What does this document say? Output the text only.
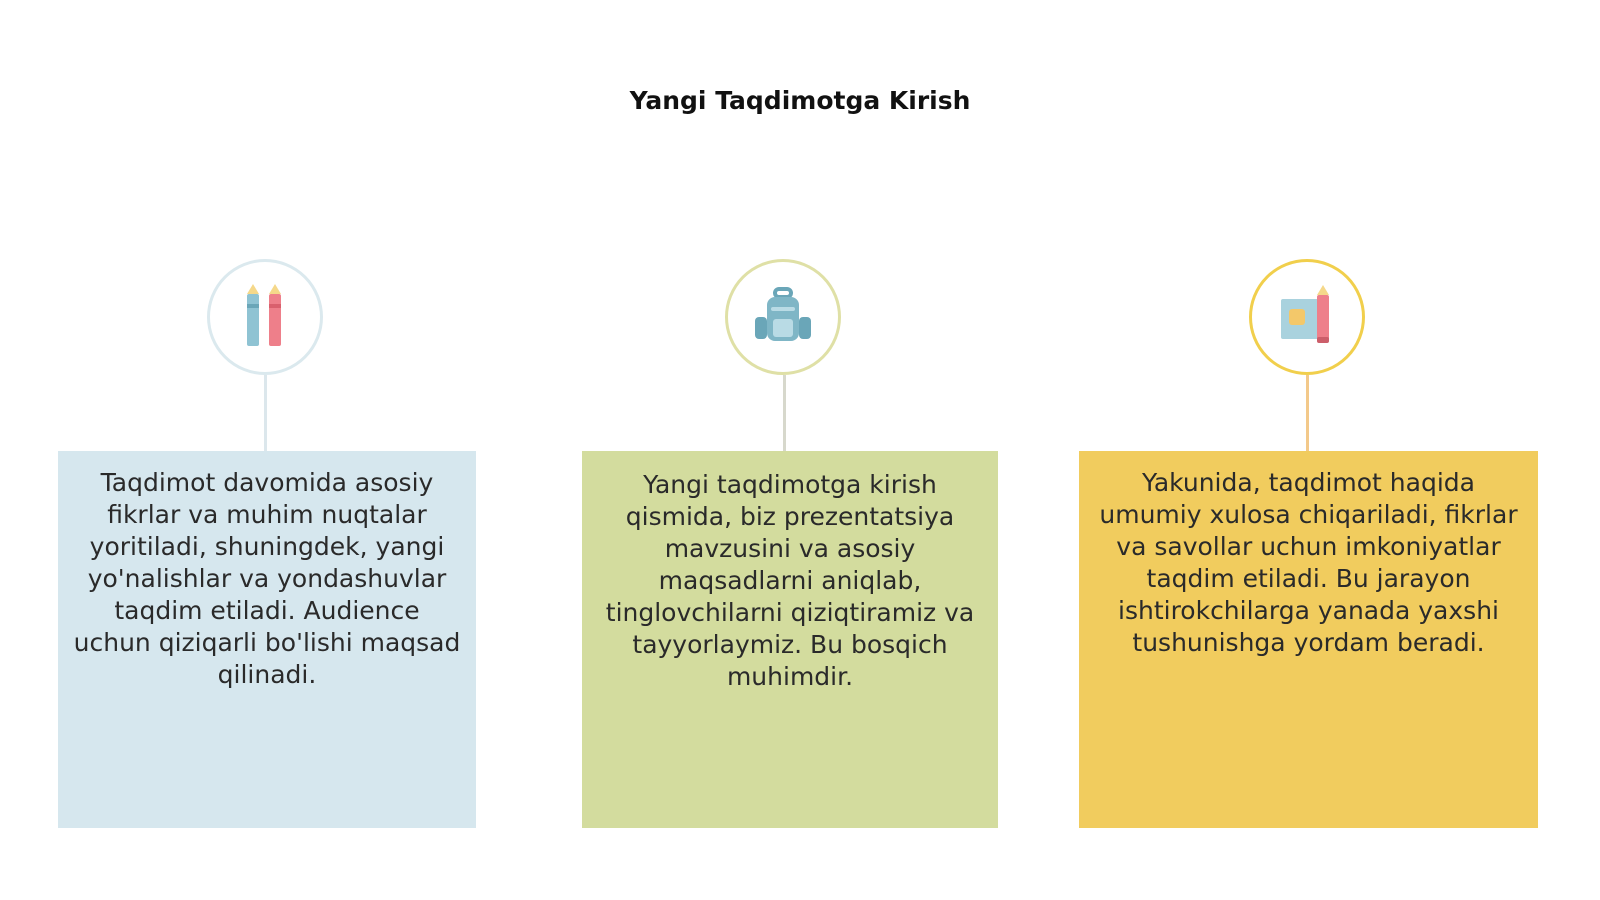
Yangi Taqdimotga Kirish
Taqdimot davomida asosiy fikrlar va muhim nuqtalar yoritiladi, shuningdek, yangi yo'nalishlar va yondashuvlar taqdim etiladi. Audience uchun qiziqarli bo'lishi maqsad qilinadi.
Yangi taqdimotga kirish qismida, biz prezentatsiya mavzusini va asosiy maqsadlarni aniqlab, tinglovchilarni qiziqtiramiz va tayyorlaymiz. Bu bosqich muhimdir.
Yakunida, taqdimot haqida umumiy xulosa chiqariladi, fikrlar va savollar uchun imkoniyatlar taqdim etiladi. Bu jarayon ishtirokchilarga yanada yaxshi tushunishga yordam beradi.
